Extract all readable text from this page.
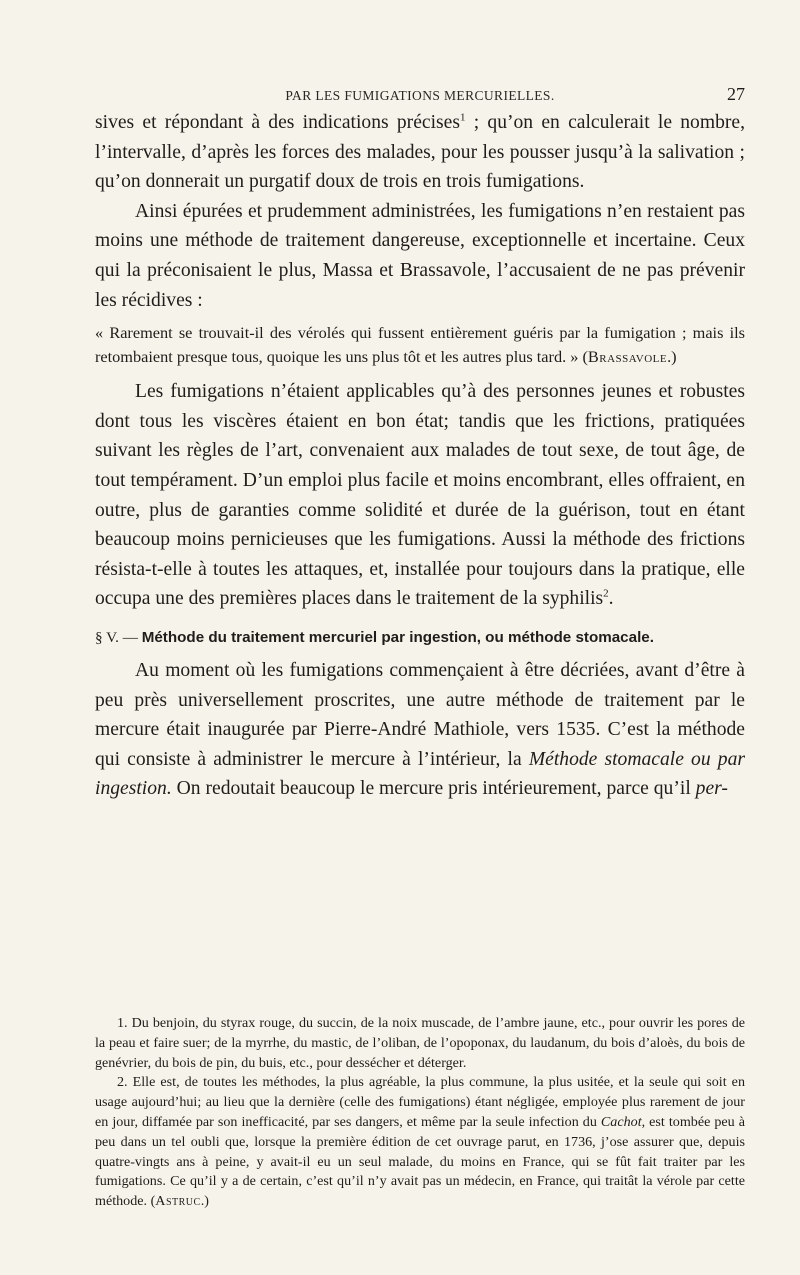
PAR LES FUMIGATIONS MERCURIELLES.	27

sives et répondant à des indications précises$^1$ ; qu’on en calculerait le nombre, l’intervalle, d’après les forces des malades, pour les pousser jusqu’à la salivation ; qu’on donnerait un purgatif doux de trois en trois fumigations.

Ainsi épurées et prudemment administrées, les fumigations n’en restaient pas moins une méthode de traitement dangereuse, exceptionnelle et incertaine. Ceux qui la préconisaient le plus, Massa et Brassavole, l’accusaient de ne pas prévenir les récidives :

« Rarement se trouvait-il des vérolés qui fussent entièrement guéris par la fumigation ; mais ils retombaient presque tous, quoique les uns plus tôt et les autres plus tard. » (Brassavole.)

Les fumigations n’étaient applicables qu’à des personnes jeunes et robustes dont tous les viscères étaient en bon état; tandis que les frictions, pratiquées suivant les règles de l’art, convenaient aux malades de tout sexe, de tout âge, de tout tempérament. D’un emploi plus facile et moins encombrant, elles offraient, en outre, plus de garanties comme solidité et durée de la guérison, tout en étant beaucoup moins pernicieuses que les fumigations. Aussi la méthode des frictions résista-t-elle à toutes les attaques, et, installée pour toujours dans la pratique, elle occupa une des premières places dans le traitement de la syphilis$^2$.

§ V. — Méthode du traitement mercuriel par ingestion, ou méthode stomacale.

Au moment où les fumigations commençaient à être décriées, avant d’être à peu près universellement proscrites, une autre méthode de traitement par le mercure était inaugurée par Pierre-André Mathiole, vers 1535. C’est la méthode qui consiste à administrer le mercure à l’intérieur, la Méthode stomacale ou par ingestion. On redoutait beaucoup le mercure pris intérieurement, parce qu’il per-

1. Du benjoin, du styrax rouge, du succin, de la noix muscade, de l’ambre jaune, etc., pour ouvrir les pores de la peau et faire suer; de la myrrhe, du mastic, de l’oliban, de l’opoponax, du laudanum, du bois d’aloès, du bois de genévrier, du bois de pin, du buis, etc., pour dessécher et déterger.

2. Elle est, de toutes les méthodes, la plus agréable, la plus commune, la plus usitée, et la seule qui soit en usage aujourd’hui; au lieu que la dernière (celle des fumigations) étant négligée, employée plus rarement de jour en jour, diffamée par son inefficacité, par ses dangers, et même par la seule infection du Cachot, est tombée peu à peu dans un tel oubli que, lorsque la première édition de cet ouvrage parut, en 1736, j’ose assurer que, depuis quatre-vingts ans à peine, y avait-il eu un seul malade, du moins en France, qui se fût fait traiter par les fumigations. Ce qu’il y a de certain, c’est qu’il n’y avait pas un médecin, en France, qui traitât la vérole par cette méthode. (Astruc.)
